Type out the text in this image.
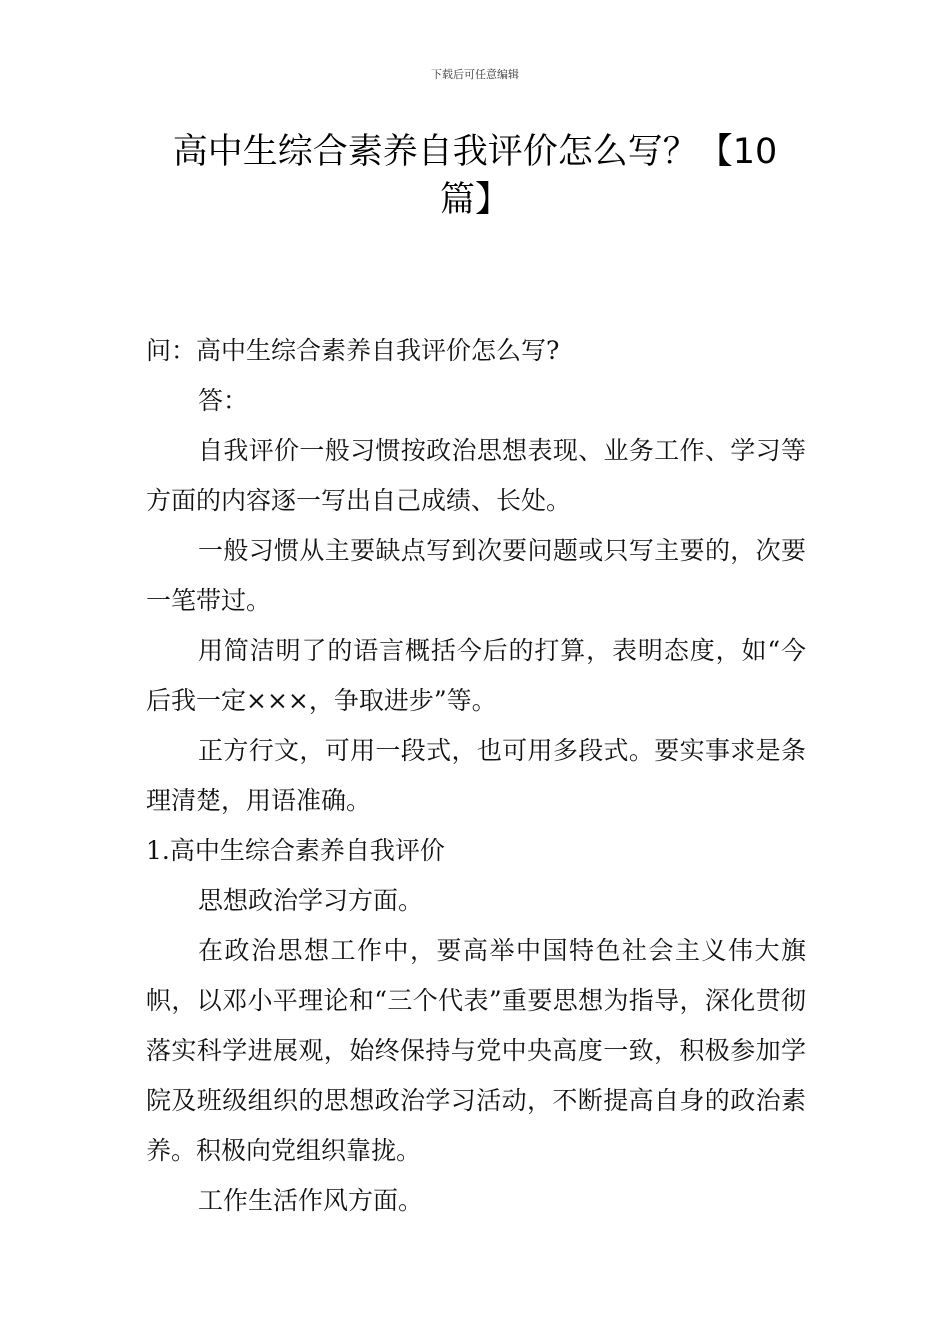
下载后可任意编辑
高中生综合素养自我评价怎么写？【10篇】

问：高中生综合素养自我评价怎么写?

答：

自我评价一般习惯按政治思想表现、业务工作、学习等方面的内容逐一写出自己成绩、长处。

一般习惯从主要缺点写到次要问题或只写主要的，次要一笔带过。

用简洁明了的语言概括今后的打算，表明态度，如“今后我一定×××，争取进步”等。

正方行文，可用一段式，也可用多段式。要实事求是条理清楚，用语准确。

1.高中生综合素养自我评价

思想政治学习方面。

在政治思想工作中，要高举中国特色社会主义伟大旗帜，以邓小平理论和“三个代表”重要思想为指导，深化贯彻落实科学进展观，始终保持与党中央高度一致，积极参加学院及班级组织的思想政治学习活动，不断提高自身的政治素养。积极向党组织靠拢。

工作生活作风方面。
